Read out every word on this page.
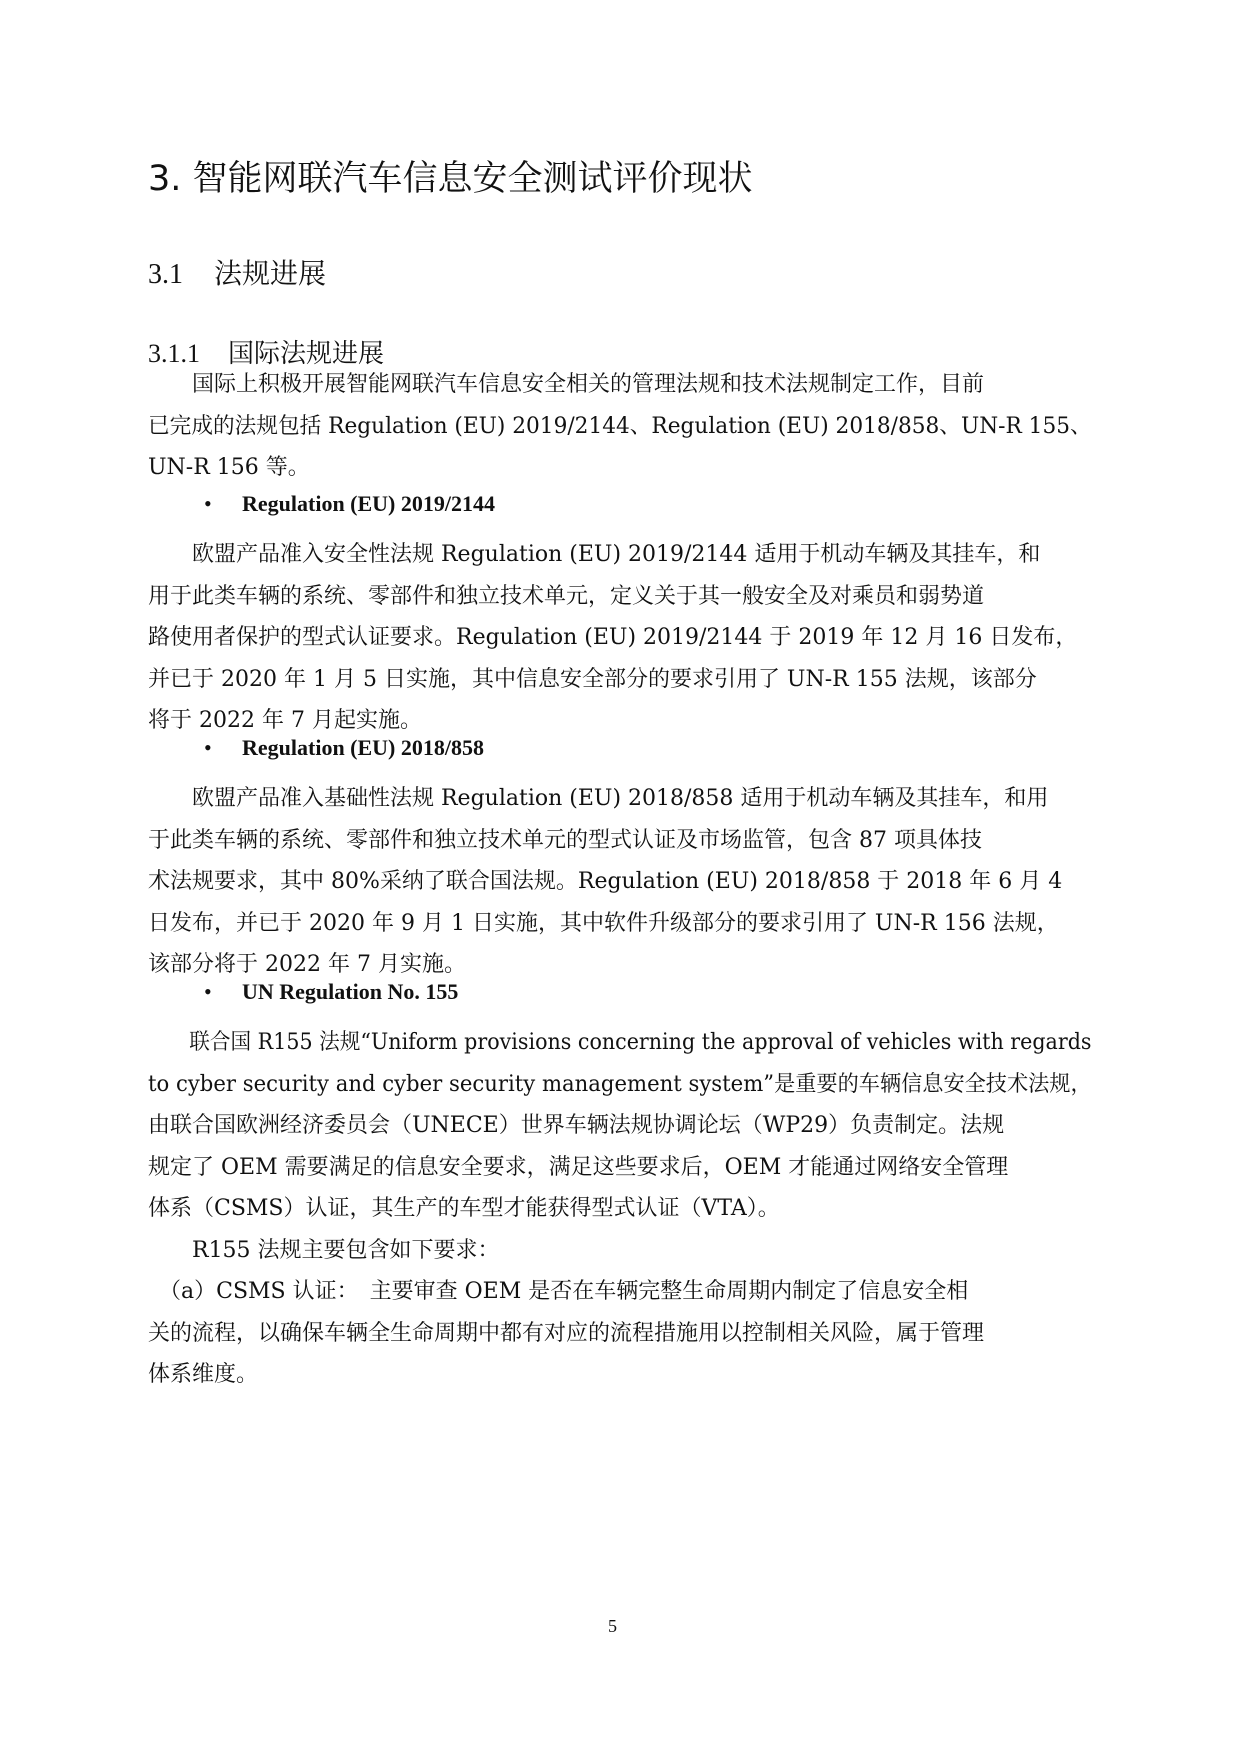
3. 智能网联汽车信息安全测试评价现状
3.1 法规进展
3.1.1 国际法规进展
　　国际上积极开展智能网联汽车信息安全相关的管理法规和技术法规制定工作，目前
已完成的法规包括 Regulation (EU) 2019/2144、Regulation (EU) 2018/858、UN-R 155、
UN-R 156 等。
• Regulation (EU) 2019/2144
　　欧盟产品准入安全性法规 Regulation (EU) 2019/2144 适用于机动车辆及其挂车，和
用于此类车辆的系统、零部件和独立技术单元，定义关于其一般安全及对乘员和弱势道
路使用者保护的型式认证要求。Regulation (EU) 2019/2144 于 2019 年 12 月 16 日发布，
并已于 2020 年 1 月 5 日实施，其中信息安全部分的要求引用了 UN-R 155 法规，该部分
将于 2022 年 7 月起实施。
• Regulation (EU) 2018/858
　　欧盟产品准入基础性法规 Regulation (EU) 2018/858 适用于机动车辆及其挂车，和用
于此类车辆的系统、零部件和独立技术单元的型式认证及市场监管，包含 87 项具体技
术法规要求，其中 80%采纳了联合国法规。Regulation (EU) 2018/858 于 2018 年 6 月 4
日发布，并已于 2020 年 9 月 1 日实施，其中软件升级部分的要求引用了 UN-R 156 法规，
该部分将于 2022 年 7 月实施。
• UN Regulation No. 155
　　联合国 R155 法规“Uniform provisions concerning the approval of vehicles with regards
to cyber security and cyber security management system”是重要的车辆信息安全技术法规，
由联合国欧洲经济委员会（UNECE）世界车辆法规协调论坛（WP29）负责制定。法规
规定了 OEM 需要满足的信息安全要求，满足这些要求后，OEM 才能通过网络安全管理
体系（CSMS）认证，其生产的车型才能获得型式认证（VTA）。
　　R155 法规主要包含如下要求：
　（a）CSMS 认证：　主要审查 OEM 是否在车辆完整生命周期内制定了信息安全相
关的流程，以确保车辆全生命周期中都有对应的流程措施用以控制相关风险，属于管理
体系维度。
5
